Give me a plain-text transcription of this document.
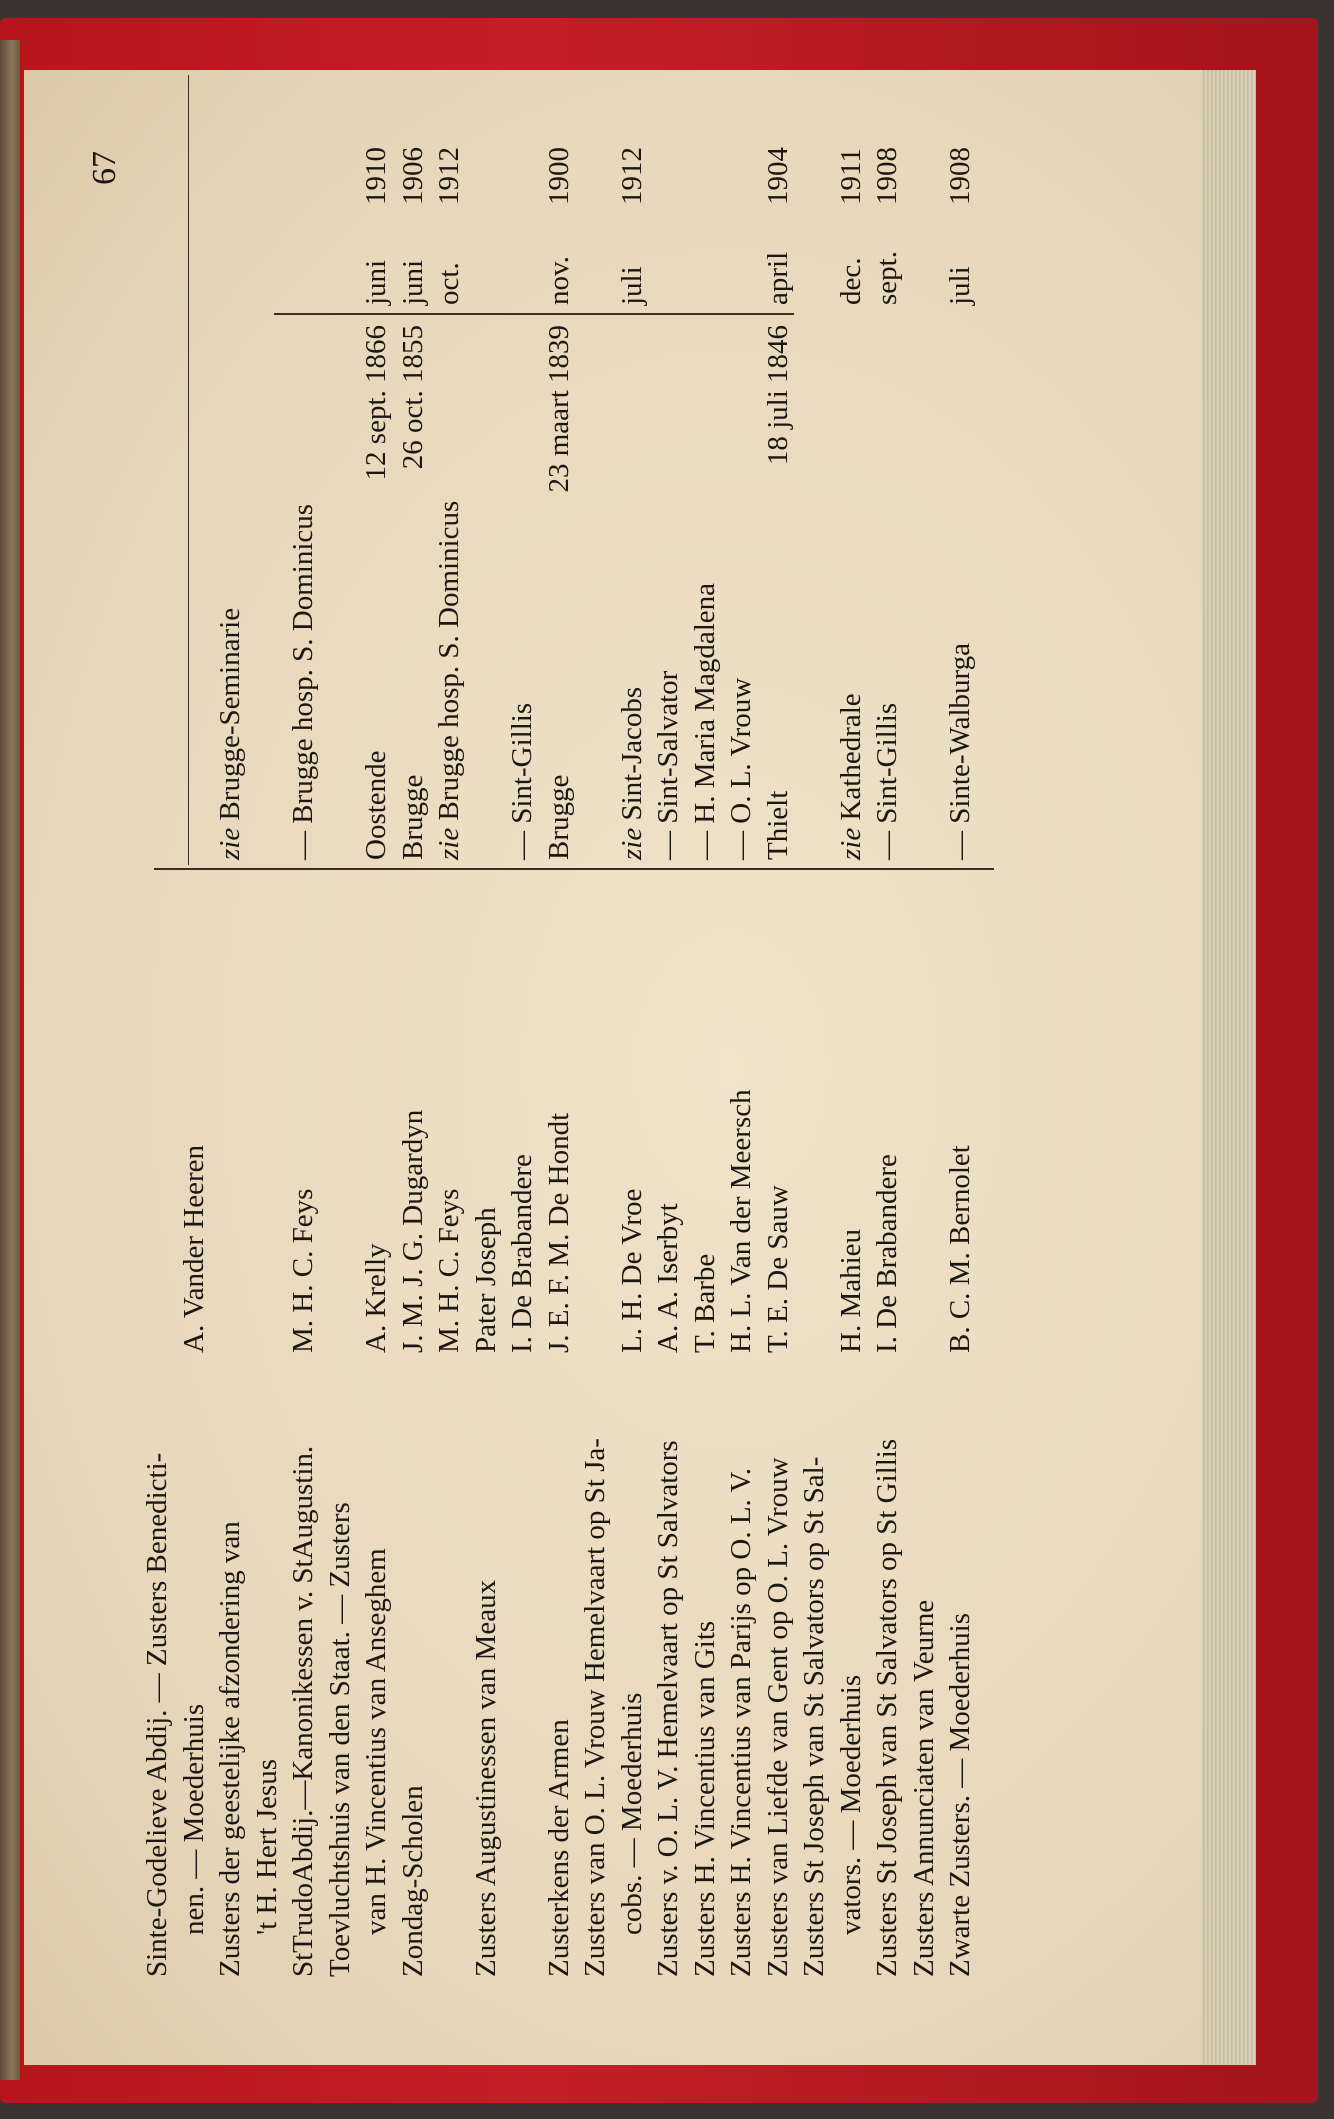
67
Sinte-Godelieve Abdij. — Zusters Benedicti- nen. — Moederhuis
A. Vander Heeren
Zusters der geestelijke afzondering van
zie Brugge-Seminarie
't H. Hert Jesus StTrudoAbdij.—Kanonikessen v. StAugustin.
M. H. C. Feys
— Brugge hosp. S. Dominicus
Toevluchtshuis van den Staat. — Zusters van H. Vincentius van Anseghem
A. Krelly
Oostende
12 sept. 1866
juni
1910
Zondag-Scholen
J. M. J. G. Dugardyn
Brugge
26 oct. 1855
juni
1906
M. H. C. Feys
zie Brugge hosp. S. Dominicus
oct.
1912
Zusters Augustinessen van Meaux
Pater Joseph I. De Brabandere
— Sint-Gillis
Zusterkens der Armen
J. E. F. M. De Hondt
Brugge
23 maart 1839
nov.
1900
Zusters van O. L. Vrouw Hemelvaart op St Ja- cobs. — Moederhuis
L. H. De Vroe
zie Sint-Jacobs
juli
1912
Zusters v. O. L. V. Hemelvaart op St Salvators
A. A. Iserbyt
— Sint-Salvator
Zusters H. Vincentius van Gits
T. Barbe
— H. Maria Magdalena
Zusters H. Vincentius van Parijs op O. L. V.
H. L. Van der Meersch
— O. L. Vrouw
Zusters van Liefde van Gent op O. L. Vrouw
T. E. De Sauw
Thielt
18 juli 1846
april
1904
Zusters St Joseph van St Salvators op St Sal- vators. — Moederhuis
H. Mahieu
zie Kathedrale
dec.
1911
Zusters St Joseph van St Salvators op St Gillis
I. De Brabandere
— Sint-Gillis
sept.
1908
Zusters Annunciaten van Veurne Zwarte Zusters. — Moederhuis
B. C. M. Bernolet
— Sinte-Walburga
juli
1908
